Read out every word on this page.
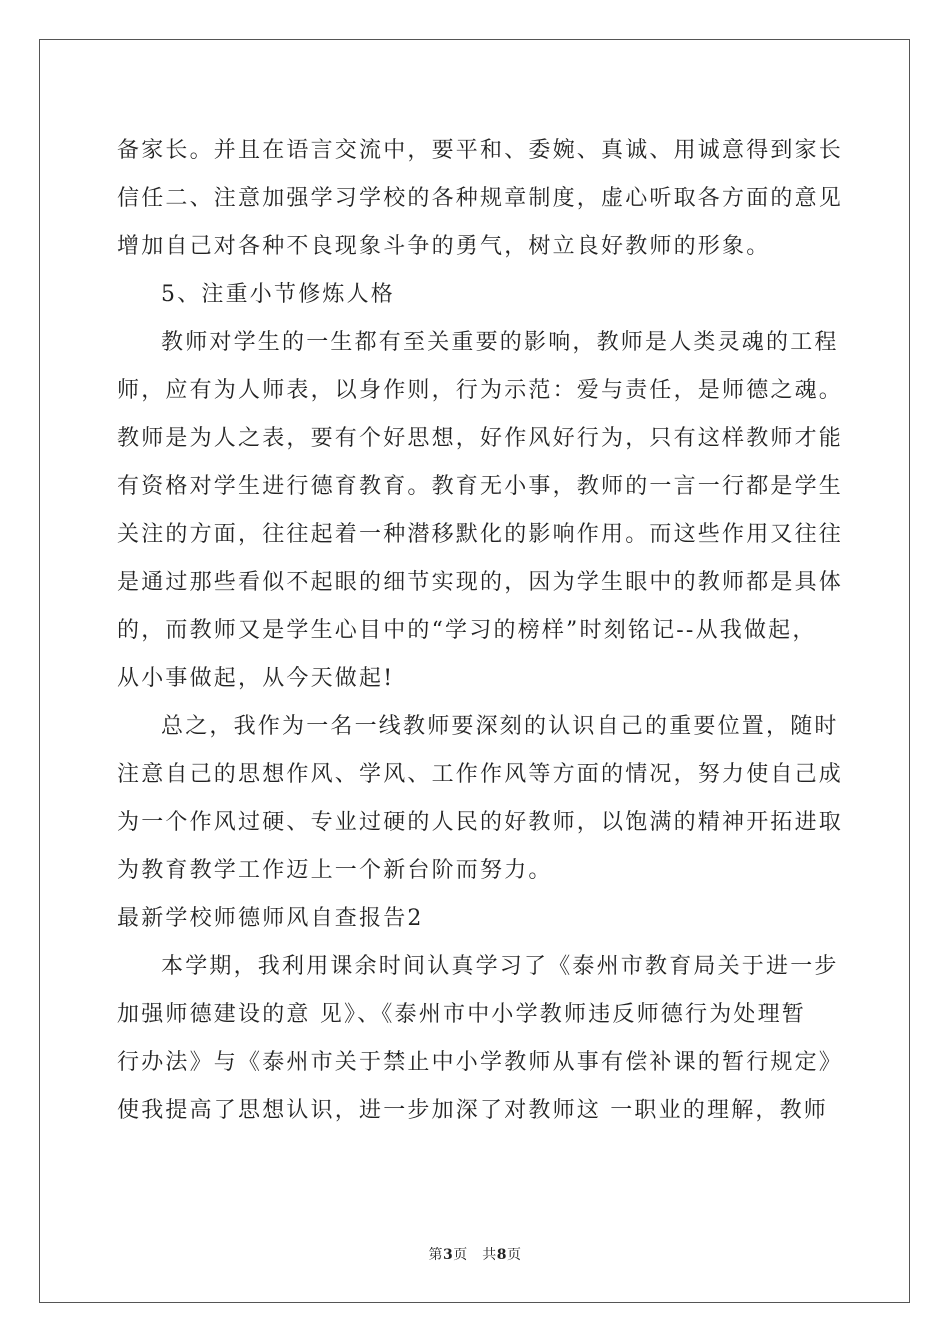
备家长。并且在语言交流中，要平和、委婉、真诚、用诚意得到家长
信任二、注意加强学习学校的各种规章制度，虚心听取各方面的意见
增加自己对各种不良现象斗争的勇气，树立良好教师的形象。
5、注重小节修炼人格
教师对学生的一生都有至关重要的影响，教师是人类灵魂的工程
师，应有为人师表，以身作则，行为示范：爱与责任，是师德之魂。
教师是为人之表，要有个好思想，好作风好行为，只有这样教师才能
有资格对学生进行德育教育。教育无小事，教师的一言一行都是学生
关注的方面，往往起着一种潜移默化的影响作用。而这些作用又往往
是通过那些看似不起眼的细节实现的，因为学生眼中的教师都是具体
的，而教师又是学生心目中的“学习的榜样”时刻铭记--从我做起，
从小事做起，从今天做起!
总之，我作为一名一线教师要深刻的认识自己的重要位置，随时
注意自己的思想作风、学风、工作作风等方面的情况，努力使自己成
为一个作风过硬、专业过硬的人民的好教师，以饱满的精神开拓进取
为教育教学工作迈上一个新台阶而努力。
最新学校师德师风自查报告2
本学期，我利用课余时间认真学习了《泰州市教育局关于进一步
加强师德建设的意 见》、《泰州市中小学教师违反师德行为处理暂
行办法》与《泰州市关于禁止中小学教师从事有偿补课的暂行规定》
使我提高了思想认识，进一步加深了对教师这 一职业的理解，教师
第3页　共8页
